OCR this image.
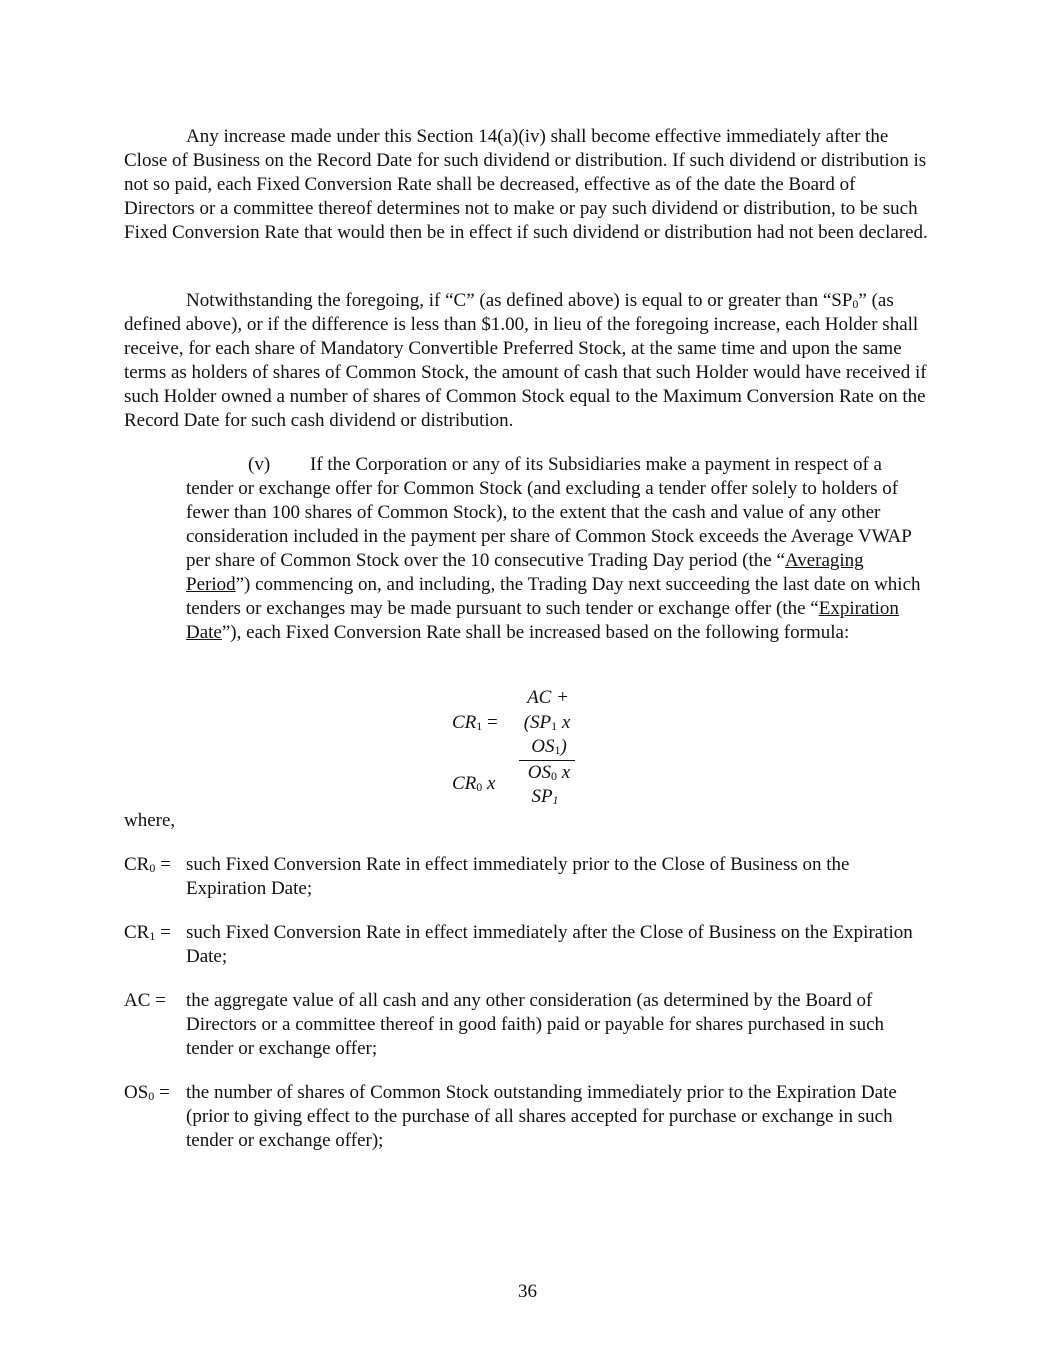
Any increase made under this Section 14(a)(iv) shall become effective immediately after the Close of Business on the Record Date for such dividend or distribution. If such dividend or distribution is not so paid, each Fixed Conversion Rate shall be decreased, effective as of the date the Board of Directors or a committee thereof determines not to make or pay such dividend or distribution, to be such Fixed Conversion Rate that would then be in effect if such dividend or distribution had not been declared.

Notwithstanding the foregoing, if “C” (as defined above) is equal to or greater than “$SP_0$” (as defined above), or if the difference is less than $1.00, in lieu of the foregoing increase, each Holder shall receive, for each share of Mandatory Convertible Preferred Stock, at the same time and upon the same terms as holders of shares of Common Stock, the amount of cash that such Holder would have received if such Holder owned a number of shares of Common Stock equal to the Maximum Conversion Rate on the Record Date for such cash dividend or distribution.

(v) If the Corporation or any of its Subsidiaries make a payment in respect of a tender or exchange offer for Common Stock (and excluding a tender offer solely to holders of fewer than 100 shares of Common Stock), to the extent that the cash and value of any other consideration included in the payment per share of Common Stock exceeds the Average VWAP per share of Common Stock over the 10 consecutive Trading Day period (the “Averaging Period”) commencing on, and including, the Trading Day next succeeding the last date on which tenders or exchanges may be made pursuant to such tender or exchange offer (the “Expiration Date”), each Fixed Conversion Rate shall be increased based on the following formula:

$CR_1$ =
AC +
($SP_1$ x
$OS_1$)
$CR_0$ x
$OS_0$ x
$SP_1$
where,
$CR_0$ = such Fixed Conversion Rate in effect immediately prior to the Close of Business on the Expiration Date;
$CR_1$ = such Fixed Conversion Rate in effect immediately after the Close of Business on the Expiration Date;
AC =	the aggregate value of all cash and any other consideration (as determined by the Board of Directors or a committee thereof in good faith) paid or payable for shares purchased in such tender or exchange offer;
$OS_0$ = the number of shares of Common Stock outstanding immediately prior to the Expiration Date (prior to giving effect to the purchase of all shares accepted for purchase or exchange in such tender or exchange offer);
36
